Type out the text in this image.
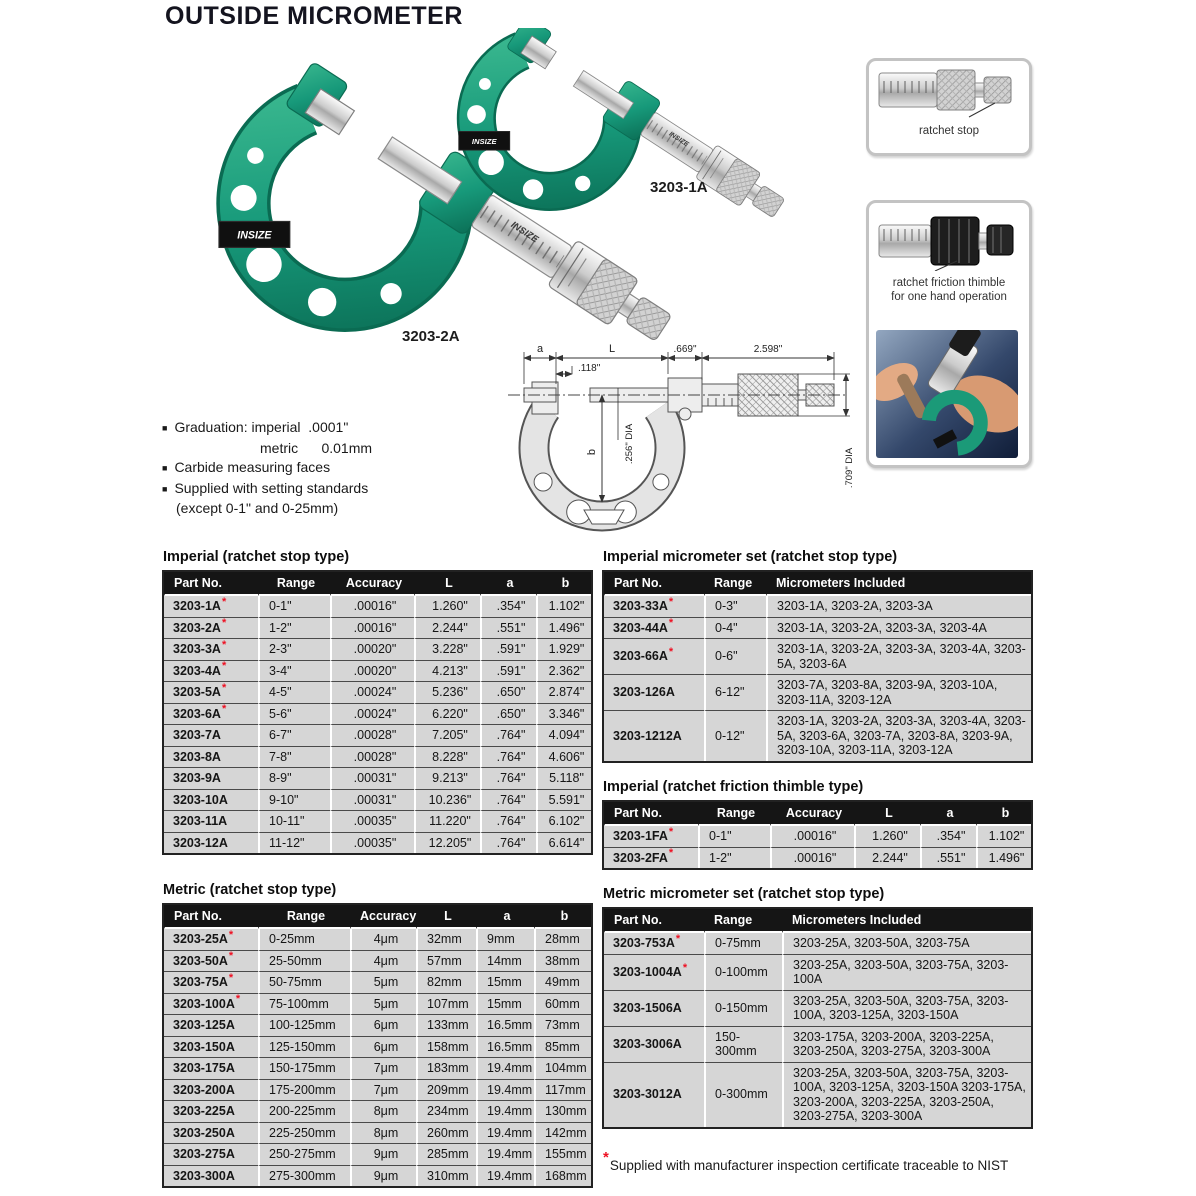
OUTSIDE MICROMETER
INSIZE
3203-1A
3203-2A
ratchet stop
ratchet friction thimble
for one hand operation
■ Graduation: imperial  .0001"
metric      0.01mm
■ Carbide measuring faces
■ Supplied with setting standards
(except 0-1" and 0-25mm)
a	L	.669"	2.598"
.118"
b	.256" DIA
.709" DIA
Imperial (ratchet stop type)
Part No.	Range	Accuracy	L	a	b
3203-1A*	0-1"	.00016"	1.260"	.354"	1.102"
3203-2A*	1-2"	.00016"	2.244"	.551"	1.496"
3203-3A*	2-3"	.00020"	3.228"	.591"	1.929"
3203-4A*	3-4"	.00020"	4.213"	.591"	2.362"
3203-5A*	4-5"	.00024"	5.236"	.650"	2.874"
3203-6A*	5-6"	.00024"	6.220"	.650"	3.346"
3203-7A	6-7"	.00028"	7.205"	.764"	4.094"
3203-8A	7-8"	.00028"	8.228"	.764"	4.606"
3203-9A	8-9"	.00031"	9.213"	.764"	5.118"
3203-10A	9-10"	.00031"	10.236"	.764"	5.591"
3203-11A	10-11"	.00035"	11.220"	.764"	6.102"
3203-12A	11-12"	.00035"	12.205"	.764"	6.614"
Imperial micrometer set (ratchet stop type)
Part No.	Range	Micrometers Included
3203-33A*	0-3"	3203-1A, 3203-2A, 3203-3A
3203-44A*	0-4"	3203-1A, 3203-2A, 3203-3A, 3203-4A
3203-66A*	0-6"	3203-1A, 3203-2A, 3203-3A, 3203-4A, 3203-5A, 3203-6A
3203-126A	6-12"	3203-7A, 3203-8A, 3203-9A, 3203-10A, 3203-11A, 3203-12A
3203-1212A	0-12"	3203-1A, 3203-2A, 3203-3A, 3203-4A, 3203-5A, 3203-6A, 3203-7A, 3203-8A, 3203-9A, 3203-10A, 3203-11A, 3203-12A
Imperial (ratchet friction thimble type)
Part No.	Range	Accuracy	L	a	b
3203-1FA*	0-1"	.00016"	1.260"	.354"	1.102"
3203-2FA*	1-2"	.00016"	2.244"	.551"	1.496"
Metric (ratchet stop type)
Part No.	Range	Accuracy	L	a	b
3203-25A*	0-25mm	4μm	32mm	9mm	28mm
3203-50A*	25-50mm	4μm	57mm	14mm	38mm
3203-75A*	50-75mm	5μm	82mm	15mm	49mm
3203-100A*	75-100mm	5μm	107mm	15mm	60mm
3203-125A	100-125mm	6μm	133mm	16.5mm	73mm
3203-150A	125-150mm	6μm	158mm	16.5mm	85mm
3203-175A	150-175mm	7μm	183mm	19.4mm	104mm
3203-200A	175-200mm	7μm	209mm	19.4mm	117mm
3203-225A	200-225mm	8μm	234mm	19.4mm	130mm
3203-250A	225-250mm	8μm	260mm	19.4mm	142mm
3203-275A	250-275mm	9μm	285mm	19.4mm	155mm
3203-300A	275-300mm	9μm	310mm	19.4mm	168mm
Metric micrometer set (ratchet stop type)
Part No.	Range	Micrometers Included
3203-753A*	0-75mm	3203-25A, 3203-50A, 3203-75A
3203-1004A*	0-100mm	3203-25A, 3203-50A, 3203-75A, 3203-100A
3203-1506A	0-150mm	3203-25A, 3203-50A, 3203-75A, 3203-100A, 3203-125A, 3203-150A
3203-3006A	150-300mm	3203-175A, 3203-200A, 3203-225A, 3203-250A, 3203-275A, 3203-300A
3203-3012A	0-300mm	3203-25A, 3203-50A, 3203-75A, 3203-100A, 3203-125A, 3203-150A 3203-175A, 3203-200A, 3203-225A, 3203-250A, 3203-275A, 3203-300A
*Supplied with manufacturer inspection certificate traceable to NIST
